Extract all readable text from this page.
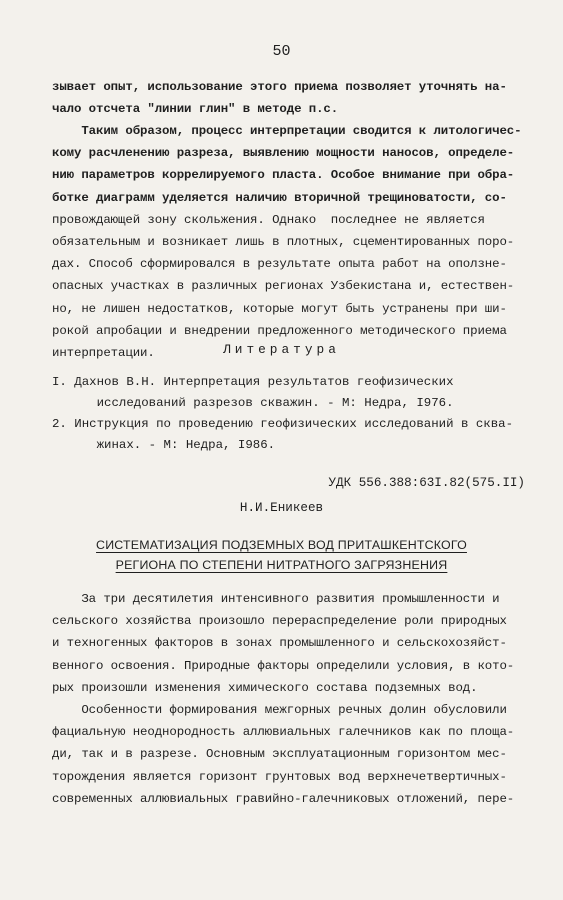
50
зывает опыт, использование этого приема позволяет уточнять на-
чало отсчета "линии глин" в методе п.с.
Таким образом, процесс интерпретации сводится к литологичес-
кому расчленению разреза, выявлению мощности наносов, определе-
нию параметров коррелируемого пласта. Особое внимание при обра-
ботке диаграмм уделяется наличию вторичной трещиноватости, со-
провождающей зону скольжения. Однако  последнее не является
обязательным и возникает лишь в плотных, сцементированных поро-
дах. Способ сформировался в результате опыта работ на оползне-
опасных участках в различных регионах Узбекистана и, естествен-
но, не лишен недостатков, которые могут быть устранены при ши-
рокой апробации и внедрении предложенного методического приема
интерпретации.	Литература
I. Дахнов В.Н. Интерпретация результатов геофизических
исследований разрезов скважин. - М: Недра, I976.
2. Инструкция по проведению геофизических исследований в сква-
жинах. - М: Недра, I986.
УДК 556.388:63I.82(575.II)
Н.И.Еникеев
СИСТЕМАТИЗАЦИЯ ПОДЗЕМНЫХ ВОД ПРИТАШКЕНТСКОГО
РЕГИОНА ПО СТЕПЕНИ НИТРАТНОГО ЗАГРЯЗНЕНИЯ
За три десятилетия интенсивного развития промышленности и
сельского хозяйства произошло перераспределение роли природных
и техногенных факторов в зонах промышленного и сельскохозяйст-
венного освоения. Природные факторы определили условия, в кото-
рых произошли изменения химического состава подземных вод.
Особенности формирования межгорных речных долин обусловили
фациальную неоднородность аллювиальных галечников как по площа-
ди, так и в разрезе. Основным эксплуатационным горизонтом мес-
торождения является горизонт грунтовых вод верхнечетвертичных-
современных аллювиальных гравийно-галечниковых отложений, пере-
